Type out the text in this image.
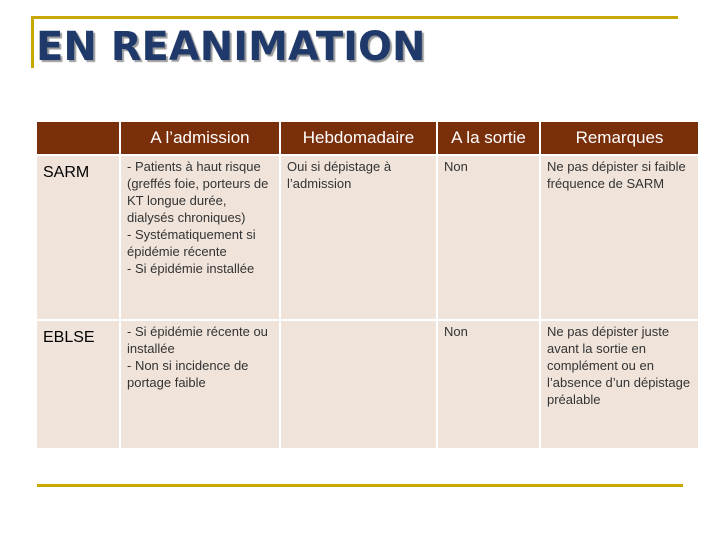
EN REANIMATION
	A l’admission	Hebdomadaire	A la sortie	Remarques
SARM	- Patients à haut risque (greffés foie, porteurs de KT longue durée, dialysés chroniques)
- Systématiquement si épidémie récente
- Si épidémie installée	Oui si dépistage à l’admission	Non	Ne pas dépister si faible fréquence de SARM
EBLSE	- Si épidémie récente ou installée
- Non si incidence de portage faible		Non	Ne pas dépister juste avant la sortie en complément ou en l’absence d’un dépistage préalable
